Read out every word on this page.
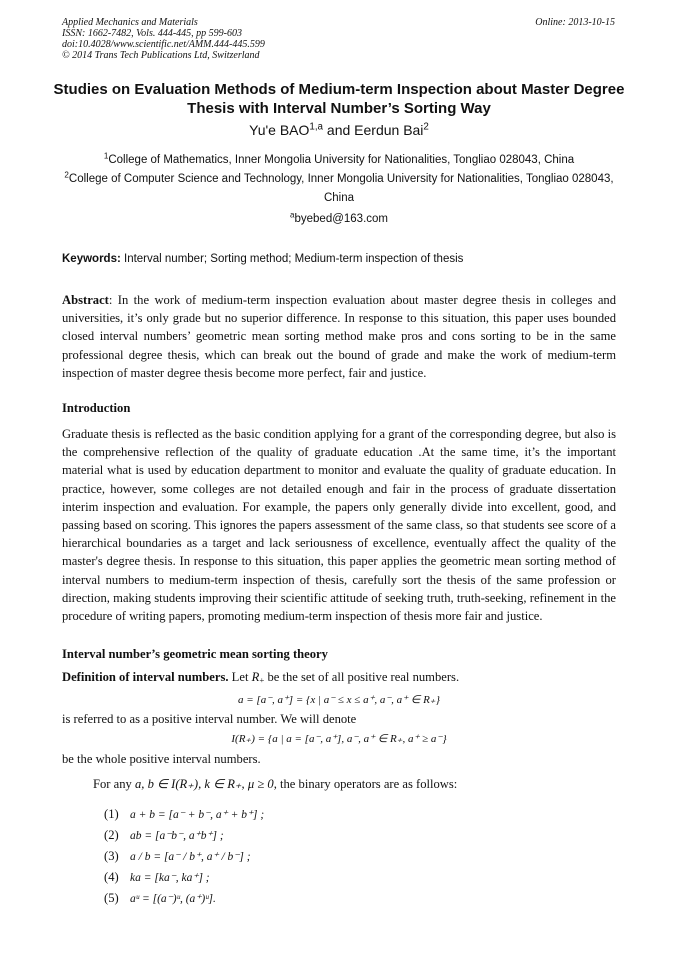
Applied Mechanics and Materials
ISSN: 1662-7482, Vols. 444-445, pp 599-603
doi:10.4028/www.scientific.net/AMM.444-445.599
© 2014 Trans Tech Publications Ltd, Switzerland
Online: 2013-10-15
Studies on Evaluation Methods of Medium-term Inspection about Master Degree Thesis with Interval Number’s Sorting Way
Yu'e BAO$^{1,a}$ and Eerdun Bai$^2$
$^1$College of Mathematics, Inner Mongolia University for Nationalities, Tongliao 028043, China
$^2$College of Computer Science and Technology, Inner Mongolia University for Nationalities, Tongliao 028043, China
$^a$byebed@163.com
Keywords: Interval number; Sorting method; Medium-term inspection of thesis
Abstract: In the work of medium-term inspection evaluation about master degree thesis in colleges and universities, it’s only grade but no superior difference. In response to this situation, this paper uses bounded closed interval numbers’ geometric mean sorting method make pros and cons sorting to be in the same professional degree thesis, which can break out the bound of grade and make the work of medium-term inspection of master degree thesis become more perfect, fair and justice.
Introduction
Graduate thesis is reflected as the basic condition applying for a grant of the corresponding degree, but also is the comprehensive reflection of the quality of graduate education .At the same time, it’s the important material what is used by education department to monitor and evaluate the quality of graduate education. In practice, however, some colleges are not detailed enough and fair in the process of graduate dissertation interim inspection and evaluation. For example, the papers only generally divide into excellent, good, and passing based on scoring. This ignores the papers assessment of the same class, so that students see score of a hierarchical boundaries as a target and lack seriousness of excellence, eventually affect the quality of the master's degree thesis. In response to this situation, this paper applies the geometric mean sorting method of interval numbers to medium-term inspection of thesis, carefully sort the thesis of the same profession or direction, making students improving their scientific attitude of seeking truth, truth-seeking, refinement in the procedure of writing papers, promoting medium-term inspection of thesis more fair and justice.
Interval number’s geometric mean sorting theory
Definition of interval numbers. Let $R_+$ be the set of all positive real numbers.
a = [a⁻, a⁺] = {x | a⁻ ≤ x ≤ a⁺, a⁻, a⁺ ∈ R₊}
is referred to as a positive interval number. We will denote
I(R₊) = {a | a = [a⁻, a⁺], a⁻, a⁺ ∈ R₊, a⁺ ≥ a⁻}
be the whole positive interval numbers.
For any a, b ∈ I(R₊), k ∈ R₊, μ ≥ 0, the binary operators are as follows:
(1) a + b = [a⁻ + b⁻, a⁺ + b⁺] ;
(2) ab = [a⁻b⁻, a⁺b⁺] ;
(3) a / b = [a⁻ / b⁺, a⁺ / b⁻] ;
(4) ka = [ka⁻, ka⁺] ;
(5) aᵘ = [(a⁻)ᵘ, (a⁺)ᵘ].
